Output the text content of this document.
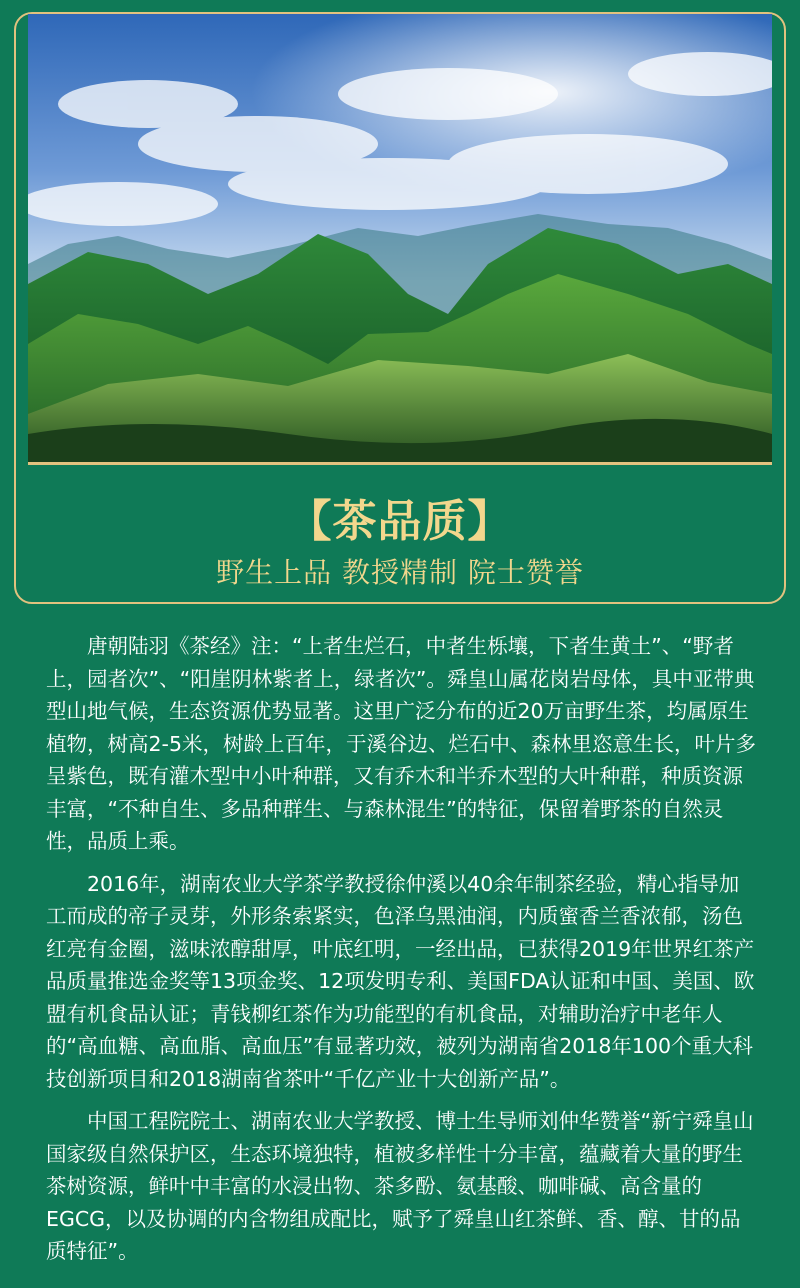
【茶品质】
野生上品 教授精制 院士赞誉

唐朝陆羽《茶经》注：“上者生烂石，中者生栎壤，下者生黄土”、“野者上，园者次”、“阳崖阴林紫者上，绿者次”。舜皇山属花岗岩母体，具中亚带典型山地气候，生态资源优势显著。这里广泛分布的近20万亩野生茶，均属原生植物，树高2-5米，树龄上百年，于溪谷边、烂石中、森林里恣意生长，叶片多呈紫色，既有灌木型中小叶种群，又有乔木和半乔木型的大叶种群，种质资源丰富，“不种自生、多品种群生、与森林混生”的特征，保留着野茶的自然灵性，品质上乘。

2016年，湖南农业大学茶学教授徐仲溪以40余年制茶经验，精心指导加工而成的帝子灵芽，外形条索紧实，色泽乌黑油润，内质蜜香兰香浓郁，汤色红亮有金圈，滋味浓醇甜厚，叶底红明，一经出品，已获得2019年世界红茶产品质量推选金奖等13项金奖、12项发明专利、美国FDA认证和中国、美国、欧盟有机食品认证；青钱柳红茶作为功能型的有机食品，对辅助治疗中老年人的“高血糖、高血脂、高血压”有显著功效，被列为湖南省2018年100个重大科技创新项目和2018湖南省茶叶“千亿产业十大创新产品”。

中国工程院院士、湖南农业大学教授、博士生导师刘仲华赞誉“新宁舜皇山国家级自然保护区，生态环境独特，植被多样性十分丰富，蕴藏着大量的野生茶树资源，鲜叶中丰富的水浸出物、茶多酚、氨基酸、咖啡碱、高含量的EGCG，以及协调的内含物组成配比，赋予了舜皇山红茶鲜、香、醇、甘的品质特征”。
